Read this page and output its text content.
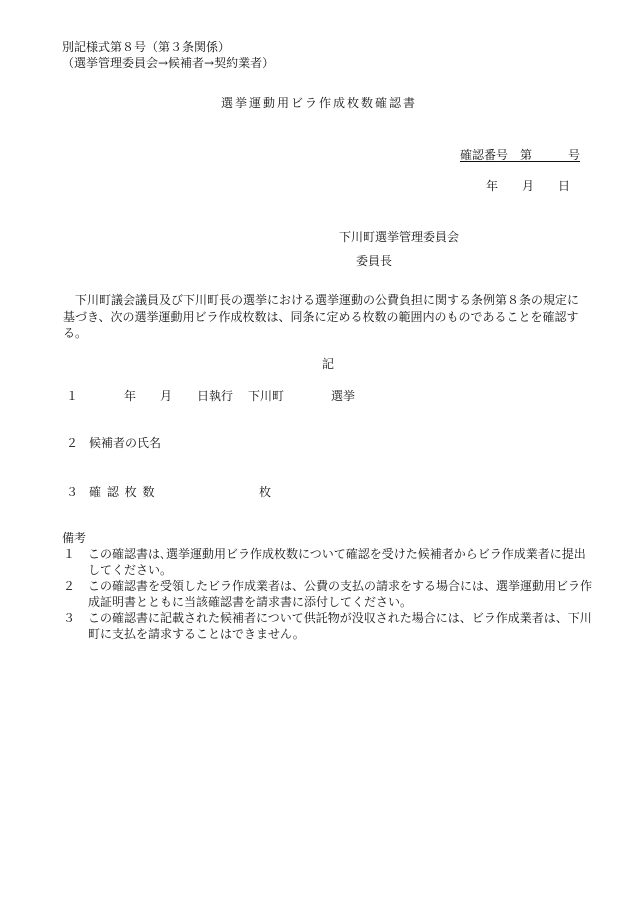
別記様式第８号（第３条関係）
（選挙管理委員会→候補者→契約業者）
選挙運動用ビラ作成枚数確認書
確認番号　第　　　号
年　　月　　日
下川町選挙管理委員会
委員長
　下川町議会議員及び下川町長の選挙における選挙運動の公費負担に関する条例第８条の規定に基づき、次の選挙運動用ビラ作成枚数は、同条に定める枚数の範囲内のものであることを確認する。
記
１	年 月 日執行 下川町	選挙
２ 候補者の氏名
３ 確 認 枚 数	枚
備考
１	この確認書は､選挙運動用ビラ作成枚数について確認を受けた候補者からビラ作成業者に提出してください。
２	この確認書を受領したビラ作成業者は、公費の支払の請求をする場合には、選挙運動用ビラ作成証明書とともに当該確認書を請求書に添付してください。
３	この確認書に記載された候補者について供託物が没収された場合には、ビラ作成業者は、下川町に支払を請求することはできません。
